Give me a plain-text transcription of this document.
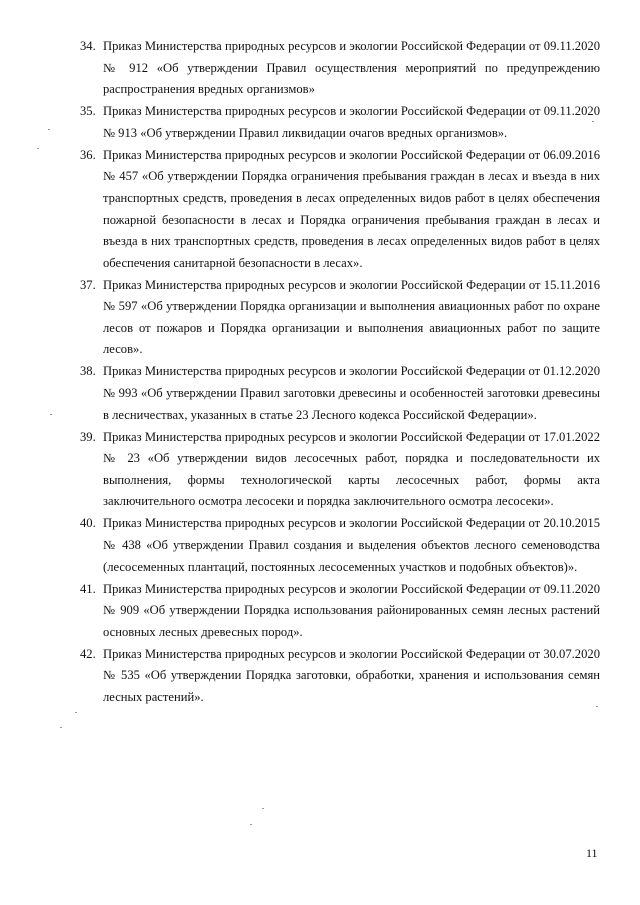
34. Приказ Министерства природных ресурсов и экологии Российской Федерации от 09.11.2020 № 912 «Об утверждении Правил осуществления мероприятий по предупреждению распространения вредных организмов»
35. Приказ Министерства природных ресурсов и экологии Российской Федерации от 09.11.2020 № 913 «Об утверждении Правил ликвидации очагов вредных организмов».
36. Приказ Министерства природных ресурсов и экологии Российской Федерации от 06.09.2016 № 457 «Об утверждении Порядка ограничения пребывания граждан в лесах и въезда в них транспортных средств, проведения в лесах определенных видов работ в целях обеспечения пожарной безопасности в лесах и Порядка ограничения пребывания граждан в лесах и въезда в них транспортных средств, проведения в лесах определенных видов работ в целях обеспечения санитарной безопасности в лесах».
37. Приказ Министерства природных ресурсов и экологии Российской Федерации от 15.11.2016 № 597 «Об утверждении Порядка организации и выполнения авиационных работ по охране лесов от пожаров и Порядка организации и выполнения авиационных работ по защите лесов».
38. Приказ Министерства природных ресурсов и экологии Российской Федерации от 01.12.2020 № 993 «Об утверждении Правил заготовки древесины и особенностей заготовки древесины в лесничествах, указанных в статье 23 Лесного кодекса Российской Федерации».
39. Приказ Министерства природных ресурсов и экологии Российской Федерации от 17.01.2022 № 23 «Об утверждении видов лесосечных работ, порядка и последовательности их выполнения, формы технологической карты лесосечных работ, формы акта заключительного осмотра лесосеки и порядка заключительного осмотра лесосеки».
40. Приказ Министерства природных ресурсов и экологии Российской Федерации от 20.10.2015 № 438 «Об утверждении Правил создания и выделения объектов лесного семеноводства (лесосеменных плантаций, постоянных лесосеменных участков и подобных объектов)».
41. Приказ Министерства природных ресурсов и экологии Российской Федерации от 09.11.2020 № 909 «Об утверждении Порядка использования районированных семян лесных растений основных лесных древесных пород».
42. Приказ Министерства природных ресурсов и экологии Российской Федерации от 30.07.2020 № 535 «Об утверждении Порядка заготовки, обработки, хранения и использования семян лесных растений».
11
